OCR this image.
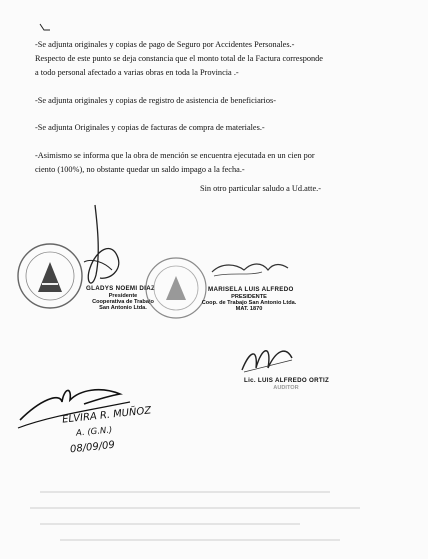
-Se adjunta originales y copias de pago de Seguro por Accidentes Personales.-

Respecto de este punto se deja constancia que el monto total de la Factura corresponde

a todo personal afectado a varias obras en toda la Provincia .-

-Se adjunta originales y copias de registro de asistencia de beneficiarios-

-Se adjunta Originales y copias de facturas de compra de materiales.-

-Asimismo se informa que la obra de mención se encuentra ejecutada en un cien por

ciento (100%), no obstante quedar un saldo impago a la fecha.-

Sin otro particular saludo a Ud.atte.-
GLADYS NOEMI DIAZ
Presidente
Cooperativa de Trabajo
San Antonio Ltda.
MARISELA LUIS ALFREDO
PRESIDENTE
Coop. de Trabajo San Antonio Ltda.
MAT. 1870
Lic. LUIS ALFREDO ORTIZ
AUDITOR
ELVIRA R. MUÑOZ
A. (G.N.)
08/09/09
